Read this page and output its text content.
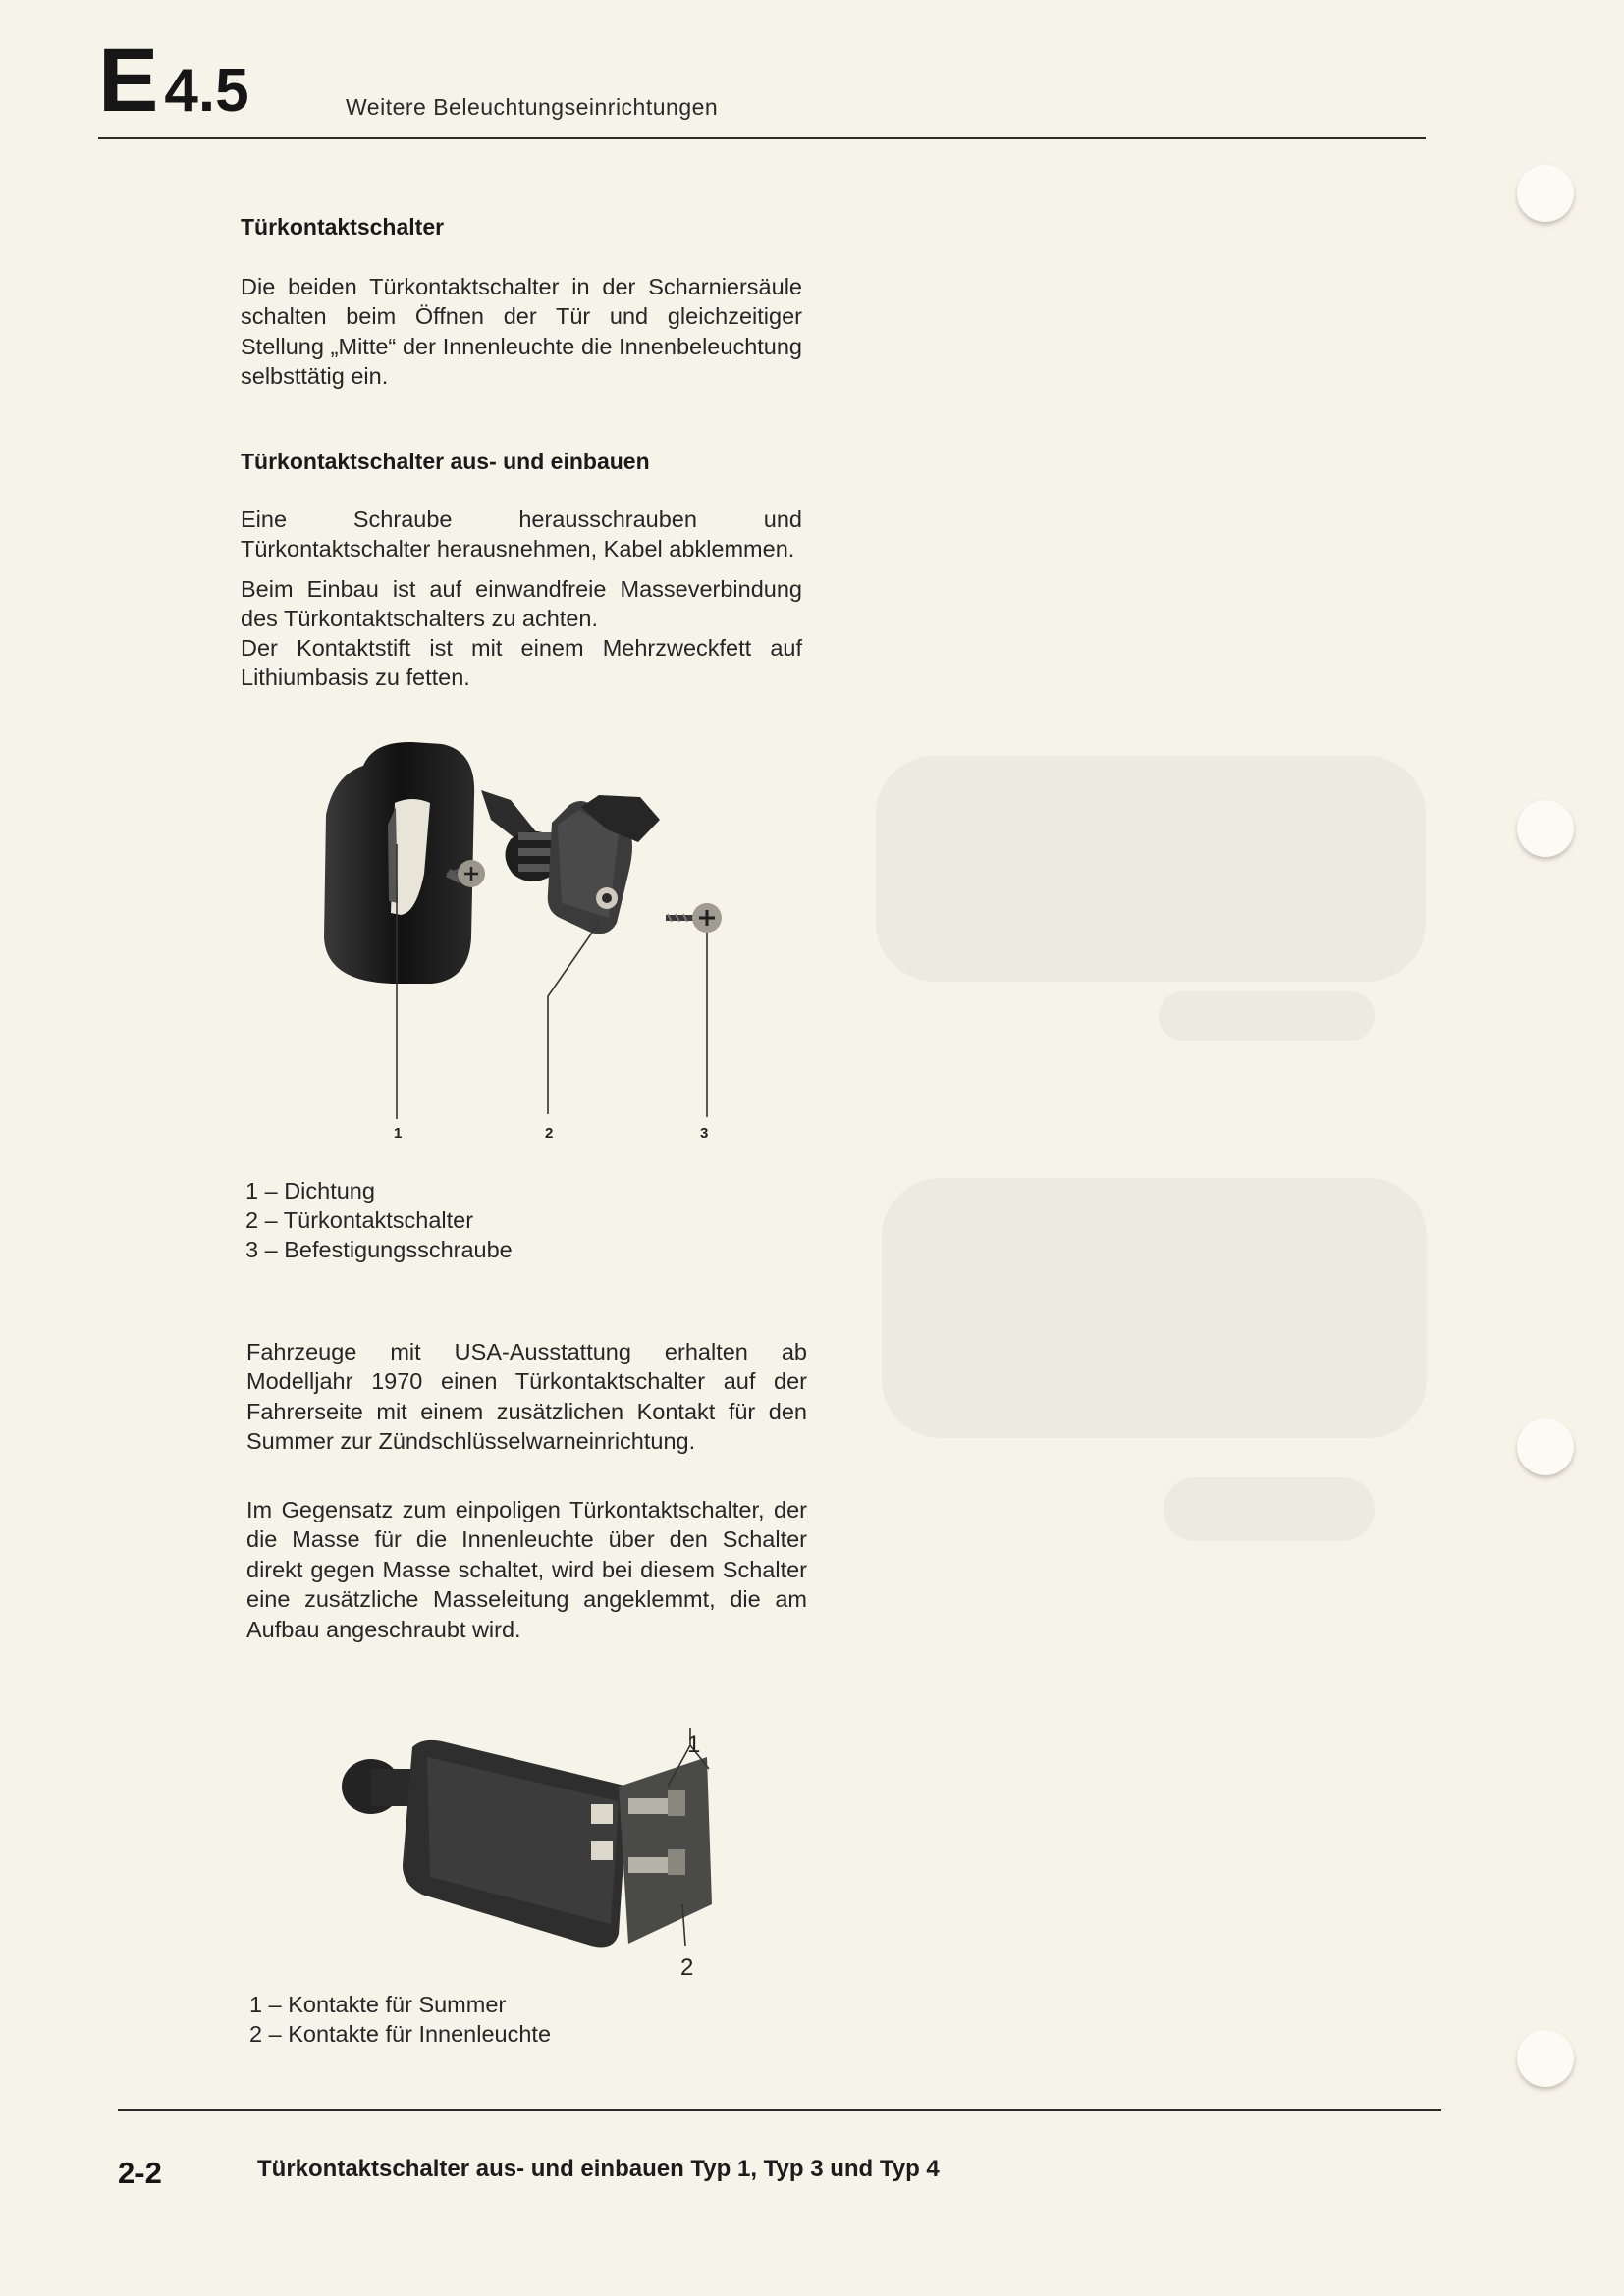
E 4.5	Weitere Beleuchtungseinrichtungen
Türkontaktschalter
Die beiden Türkontaktschalter in der Scharniersäule schalten beim Öffnen der Tür und gleichzeitiger Stellung „Mitte“ der Innenleuchte die Innenbeleuchtung selbsttätig ein.
Türkontaktschalter aus- und einbauen
Eine Schraube herausschrauben und Türkontaktschalter herausnehmen, Kabel abklemmen.
Beim Einbau ist auf einwandfreie Masseverbindung des Türkontaktschalters zu achten.
Der Kontaktstift ist mit einem Mehrzweckfett auf Lithiumbasis zu fetten.
1	2	3
1 – Dichtung
2 – Türkontaktschalter
3 – Befestigungsschraube
Fahrzeuge mit USA-Ausstattung erhalten ab Modelljahr 1970 einen Türkontaktschalter auf der Fahrerseite mit einem zusätzlichen Kontakt für den Summer zur Zündschlüsselwarneinrichtung.
Im Gegensatz zum einpoligen Türkontaktschalter, der die Masse für die Innenleuchte über den Schalter direkt gegen Masse schaltet, wird bei diesem Schalter eine zusätzliche Masseleitung angeklemmt, die am Aufbau angeschraubt wird.
1
2
1 – Kontakte für Summer
2 – Kontakte für Innenleuchte
2-2	Türkontaktschalter aus- und einbauen Typ 1, Typ 3 und Typ 4
